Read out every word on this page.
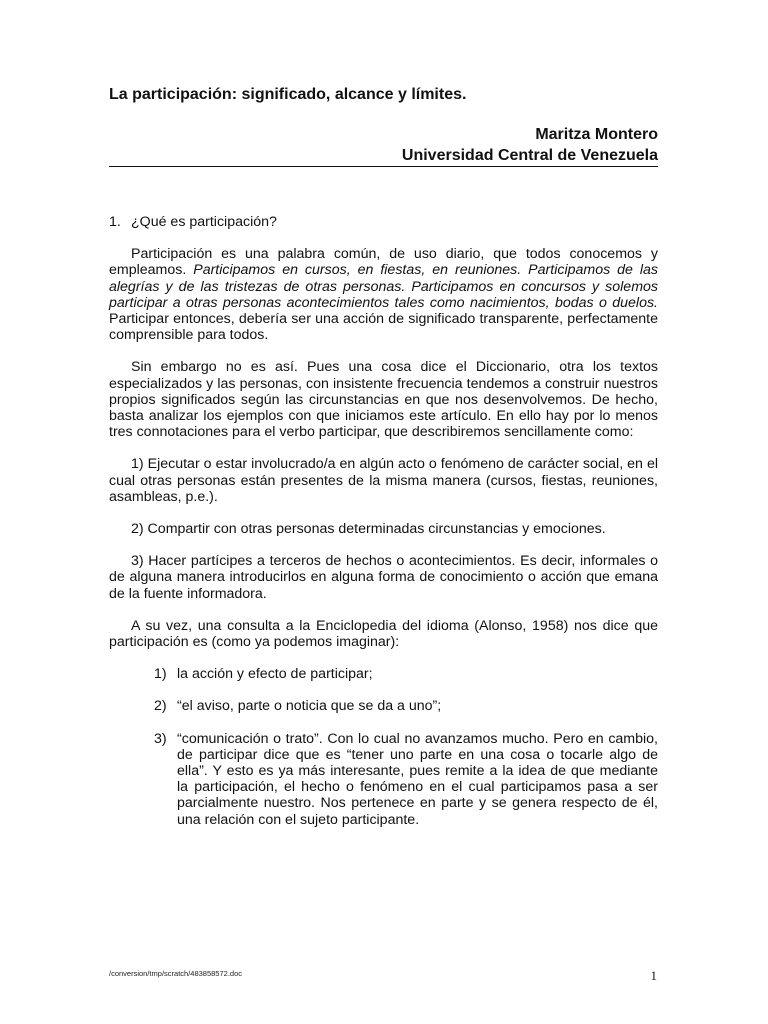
La participación: significado, alcance y límites.
Maritza Montero
Universidad Central de Venezuela

1. ¿Qué es participación?

Participación es una palabra común, de uso diario, que todos conocemos y empleamos. Participamos en cursos, en fiestas, en reuniones. Participamos de las alegrías y de las tristezas de otras personas. Participamos en concursos y solemos participar a otras personas acontecimientos tales como nacimientos, bodas o duelos. Participar entonces, debería ser una acción de significado transparente, perfectamente comprensible para todos.

Sin embargo no es así. Pues una cosa dice el Diccionario, otra los textos especializados y las personas, con insistente frecuencia tendemos a construir nuestros propios significados según las circunstancias en que nos desenvolvemos. De hecho, basta analizar los ejemplos con que iniciamos este artículo. En ello hay por lo menos tres connotaciones para el verbo participar, que describiremos sencillamente como:

1) Ejecutar o estar involucrado/a en algún acto o fenómeno de carácter social, en el cual otras personas están presentes de la misma manera (cursos, fiestas, reuniones, asambleas, p.e.).

2) Compartir con otras personas determinadas circunstancias y emociones.

3) Hacer partícipes a terceros de hechos o acontecimientos. Es decir, informales o de alguna manera introducirlos en alguna forma de conocimiento o acción que emana de la fuente informadora.

A su vez, una consulta a la Enciclopedia del idioma (Alonso, 1958) nos dice que participación es (como ya podemos imaginar):

1) la acción y efecto de participar;
2) “el aviso, parte o noticia que se da a uno”;
3) “comunicación o trato”. Con lo cual no avanzamos mucho. Pero en cambio, de participar dice que es “tener uno parte en una cosa o tocarle algo de ella”. Y esto es ya más interesante, pues remite a la idea de que mediante la participación, el hecho o fenómeno en el cual participamos pasa a ser parcialmente nuestro. Nos pertenece en parte y se genera respecto de él, una relación con el sujeto participante.
/conversion/tmp/scratch/483858572.doc	1
